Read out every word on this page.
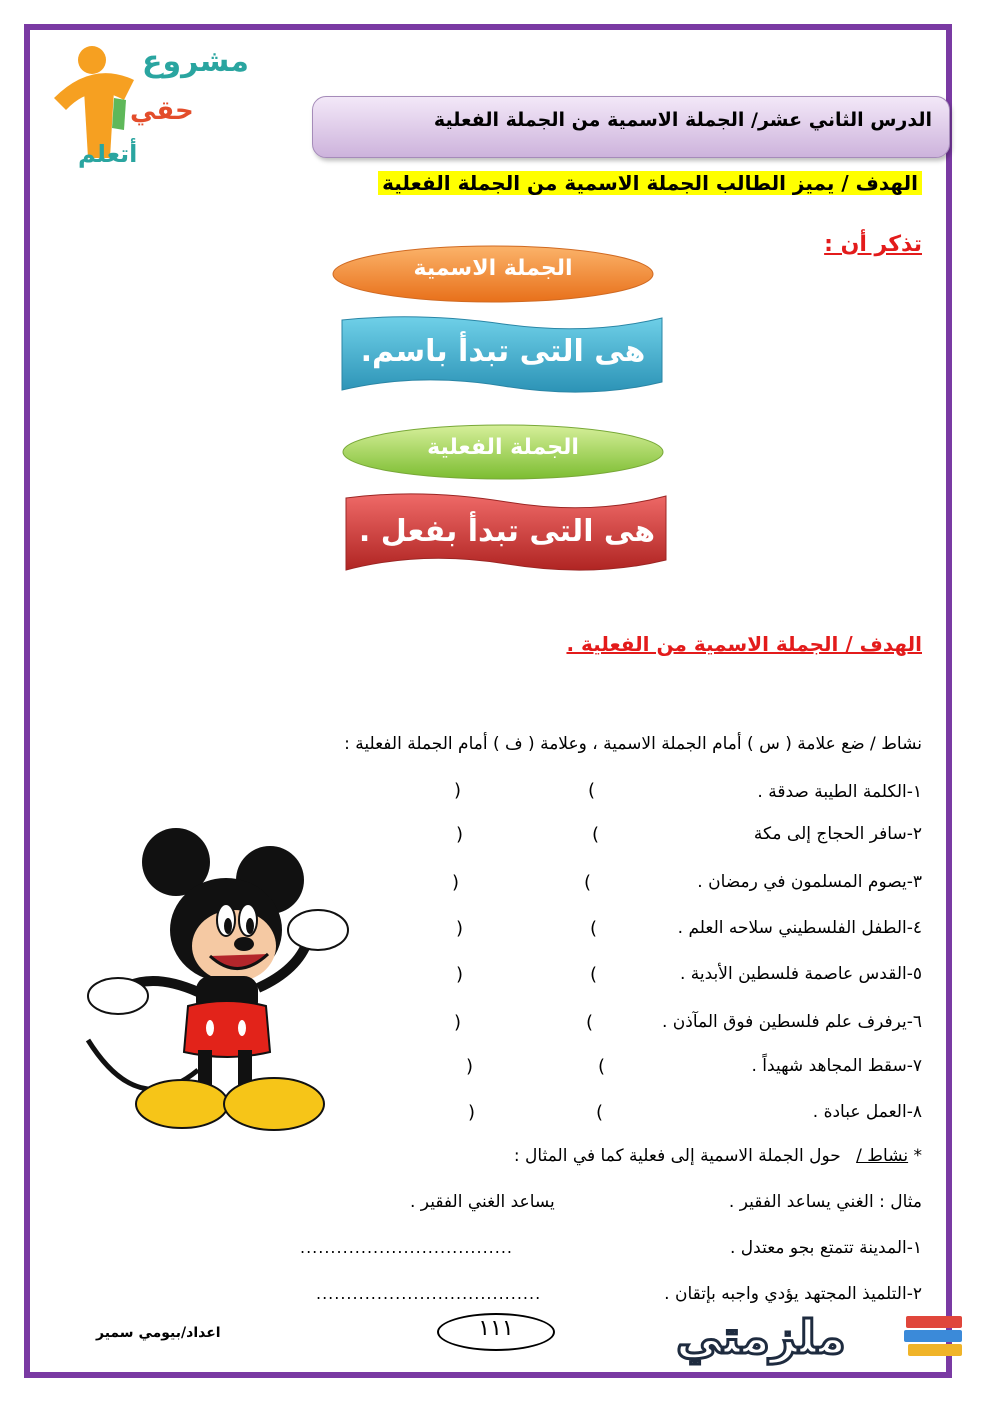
مشروع
حقي
أتعلم
الدرس الثاني عشر/ الجملة الاسمية من الجملة الفعلية
الهدف / يميز الطالب الجملة الاسمية من الجملة الفعلية
تذكر أن :
الجملة الاسمية
هى التى تبدأ باسم.
الجملة الفعلية
هى التى تبدأ بفعل .
الهدف / الجملة الاسمية من الفعلية .
نشاط / ضع علامة ( س ) أمام الجملة الاسمية ، وعلامة ( ف ) أمام الجملة الفعلية :
١-الكلمة الطيبة صدقة .
(
)
٢-سافر الحجاج إلى مكة
(
)
٣-يصوم المسلمون في رمضان .
(
)
٤-الطفل الفلسطيني سلاحه العلم .
(
)
٥-القدس عاصمة فلسطين الأبدية .
(
)
٦-يرفرف علم فلسطين فوق المآذن .
(
)
٧-سقط المجاهد شهيداً .
(
)
٨-العمل عبادة .
(
)
* نشاط / حول الجملة الاسمية إلى فعلية كما في المثال :
مثال : الغني يساعد الفقير .
يساعد الغني الفقير .
١-المدينة تتمتع بجو معتدل .
...................................
٢-التلميذ المجتهد يؤدي واجبه بإتقان .
.....................................
اعداد/بيومي سمير	١١١	ملزمتي
